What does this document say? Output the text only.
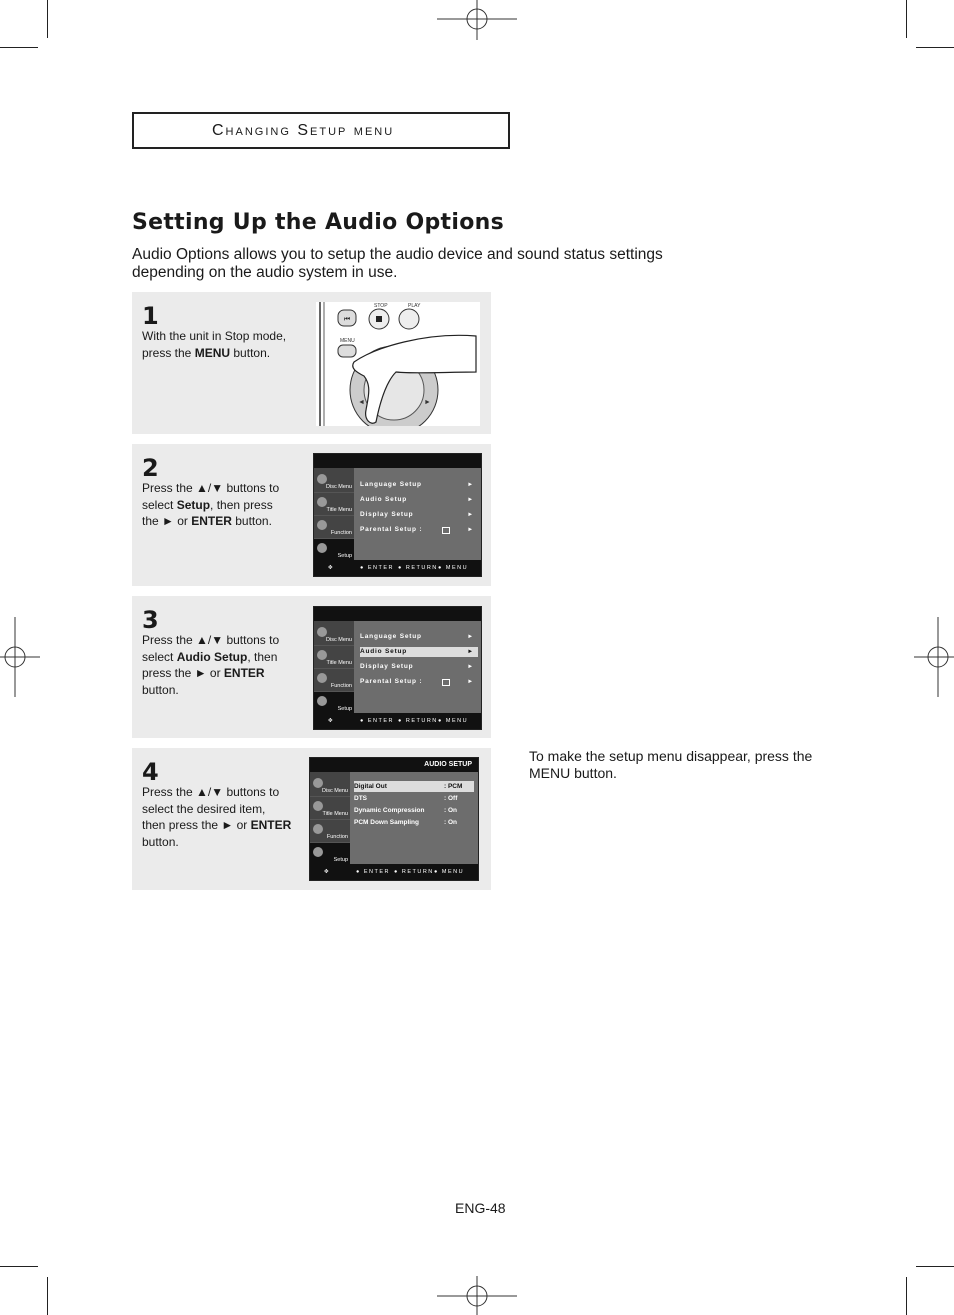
Changing Setup menu
Setting Up the Audio Options
Audio Options allows you to setup the audio device and sound status settings depending on the audio system in use.
1
With the unit in Stop mode, press the MENU button.
STOP	PLAY
⏮
MENU
◄	►
2
Press the ▲/▼ buttons to select Setup, then press the ► or ENTER button.
Disc Menu
Title Menu
Function
Setup
Language Setup	►
Audio Setup	►
Display Setup	►
Parental Setup :	►
✥	● ENTER ● RETURN ● MENU
3
Press the ▲/▼ buttons to select Audio Setup, then press the ► or ENTER button.
Disc Menu
Title Menu
Function
Setup
Language Setup	►
Audio Setup	►
Display Setup	►
Parental Setup :	►
✥	● ENTER ● RETURN ● MENU
4
Press the ▲/▼ buttons to select the desired item, then press the ► or ENTER button.
AUDIO SETUP
Disc Menu
Title Menu
Function
Setup
Digital Out	: PCM
DTS	: Off
Dynamic Compression	: On
PCM Down Sampling	: On
✥	● ENTER ● RETURN ● MENU
To make the setup menu disappear, press the MENU button.
ENG-48
